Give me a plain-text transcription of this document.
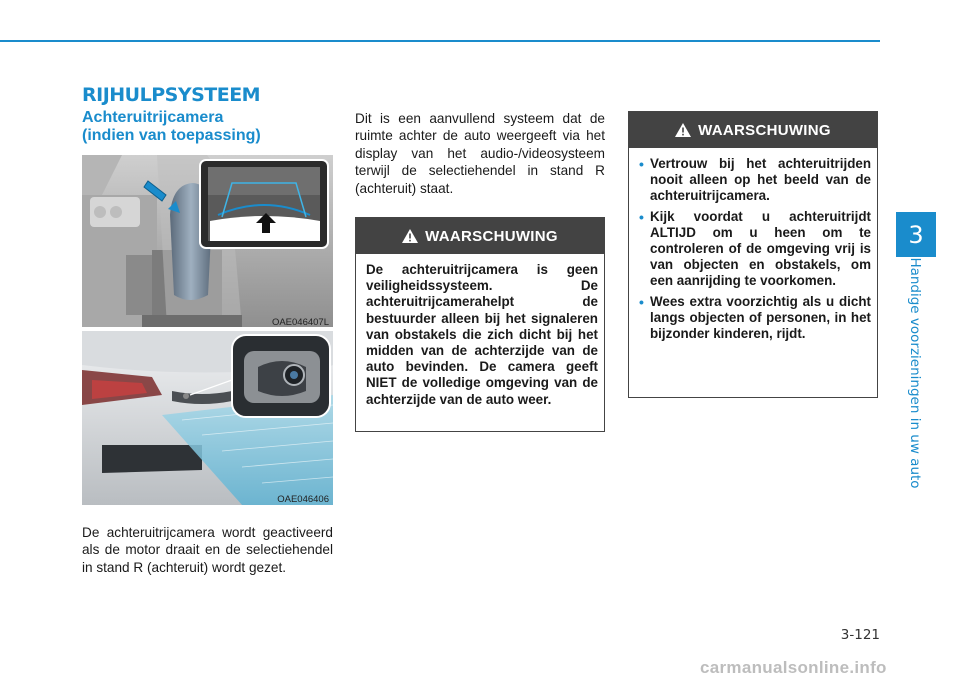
RIJHULPSYSTEEM
Achteruitrijcamera
(indien van toepassing)
OAE046407L
OAE046406

De achteruitrijcamera wordt geactiveerd als de motor draait en de selectiehendel in stand R (achteruit) wordt gezet.

Dit is een aanvullend systeem dat de ruimte achter de auto weergeeft via het display van het audio-/videosysteem terwijl de selectiehendel in stand R (achteruit) staat.

WAARSCHUWING
De achteruitrijcamera is geen veiligheidssysteem. De achteruitrijcamerahelpt de bestuurder alleen bij het signaleren van obstakels die zich dicht bij het midden van de achterzijde van de auto bevinden. De camera geeft NIET de volledige omgeving van de achterzijde van de auto weer.
WAARSCHUWING
• Vertrouw bij het achteruitrijden nooit alleen op het beeld van de achteruitrijcamera.
• Kijk voordat u achteruitrijdt ALTIJD om u heen om te controleren of de omgeving vrij is van objecten en obstakels, om een aanrijding te voorkomen.
• Wees extra voorzichtig als u dicht langs objecten of personen, in het bijzonder kinderen, rijdt.
3
Handige voorzieningen in uw auto
3-121
carmanualsonline.info
